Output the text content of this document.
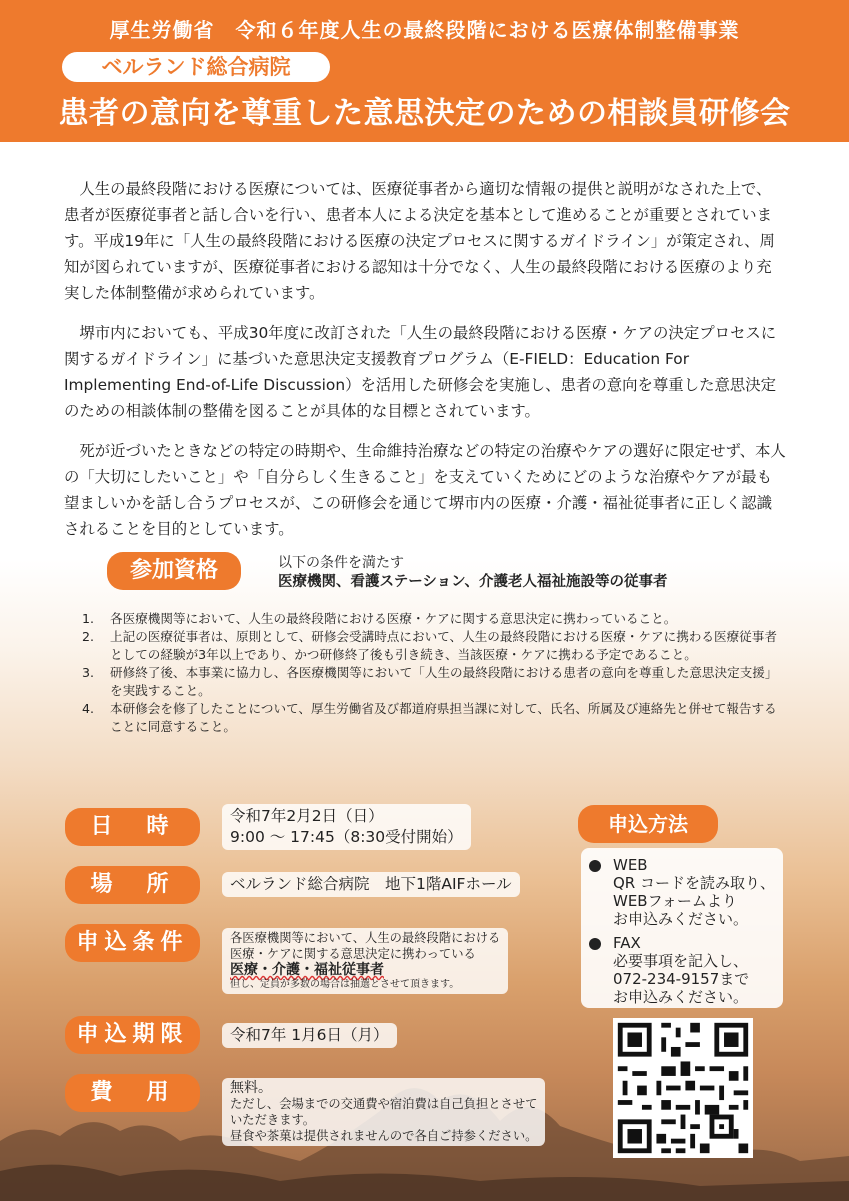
厚生労働省　令和６年度人生の最終段階における医療体制整備事業
ベルランド総合病院
患者の意向を尊重した意思決定のための相談員研修会

人生の最終段階における医療については、医療従事者から適切な情報の提供と説明がなされた上で、患者が医療従事者と話し合いを行い、患者本人による決定を基本として進めることが重要とされています。平成19年に「人生の最終段階における医療の決定プロセスに関するガイドライン」が策定され、周知が図られていますが、医療従事者における認知は十分でなく、人生の最終段階における医療のより充実した体制整備が求められています。

堺市内においても、平成30年度に改訂された「人生の最終段階における医療・ケアの決定プロセスに関するガイドライン」に基づいた意思決定支援教育プログラム（E-FIELD：Education For Implementing End-of-Life Discussion）を活用した研修会を実施し、患者の意向を尊重した意思決定のための相談体制の整備を図ることが具体的な目標とされています。

死が近づいたときなどの特定の時期や、生命維持治療などの特定の治療やケアの選好に限定せず、本人の「大切にしたいこと」や「自分らしく生きること」を支えていくためにどのような治療やケアが最も望ましいかを話し合うプロセスが、この研修会を通じて堺市内の医療・介護・福祉従事者に正しく認識されることを目的としています。

参加資格	以下の条件を満たす
医療機関、看護ステーション、介護老人福祉施設等の従事者
1. 各医療機関等において、人生の最終段階における医療・ケアに関する意思決定に携わっていること。
2. 上記の医療従事者は、原則として、研修会受講時点において、人生の最終段階における医療・ケアに携わる医療従事者としての経験が3年以上であり、かつ研修終了後も引き続き、当該医療・ケアに携わる予定であること。
3. 研修終了後、本事業に協力し、各医療機関等において「人生の最終段階における患者の意向を尊重した意思決定支援」を実践すること。
4. 本研修会を修了したことについて、厚生労働省及び都道府県担当課に対して、氏名、所属及び連絡先と併せて報告することに同意すること。
日　時	令和7年2月2日（日）
9:00 ～ 17:45（8:30受付開始）
場　所	ベルランド総合病院　地下1階AIFホール
申込条件	各医療機関等において、人生の最終段階における
医療・ケアに関する意思決定に携わっている
医療・介護・福祉従事者
但し、定員が多数の場合は抽選とさせて頂きます。
申込期限	令和7年 1月6日（月）
費　用	無料。
ただし、会場までの交通費や宿泊費は自己負担とさせて
いただきます。
昼食や茶菓は提供されませんので各自ご持参ください。
申込方法
WEB
QR コードを読み取り、
WEBフォームより
お申込みください。
FAX
必要事項を記入し、
072-234-9157まで
お申込みください。
